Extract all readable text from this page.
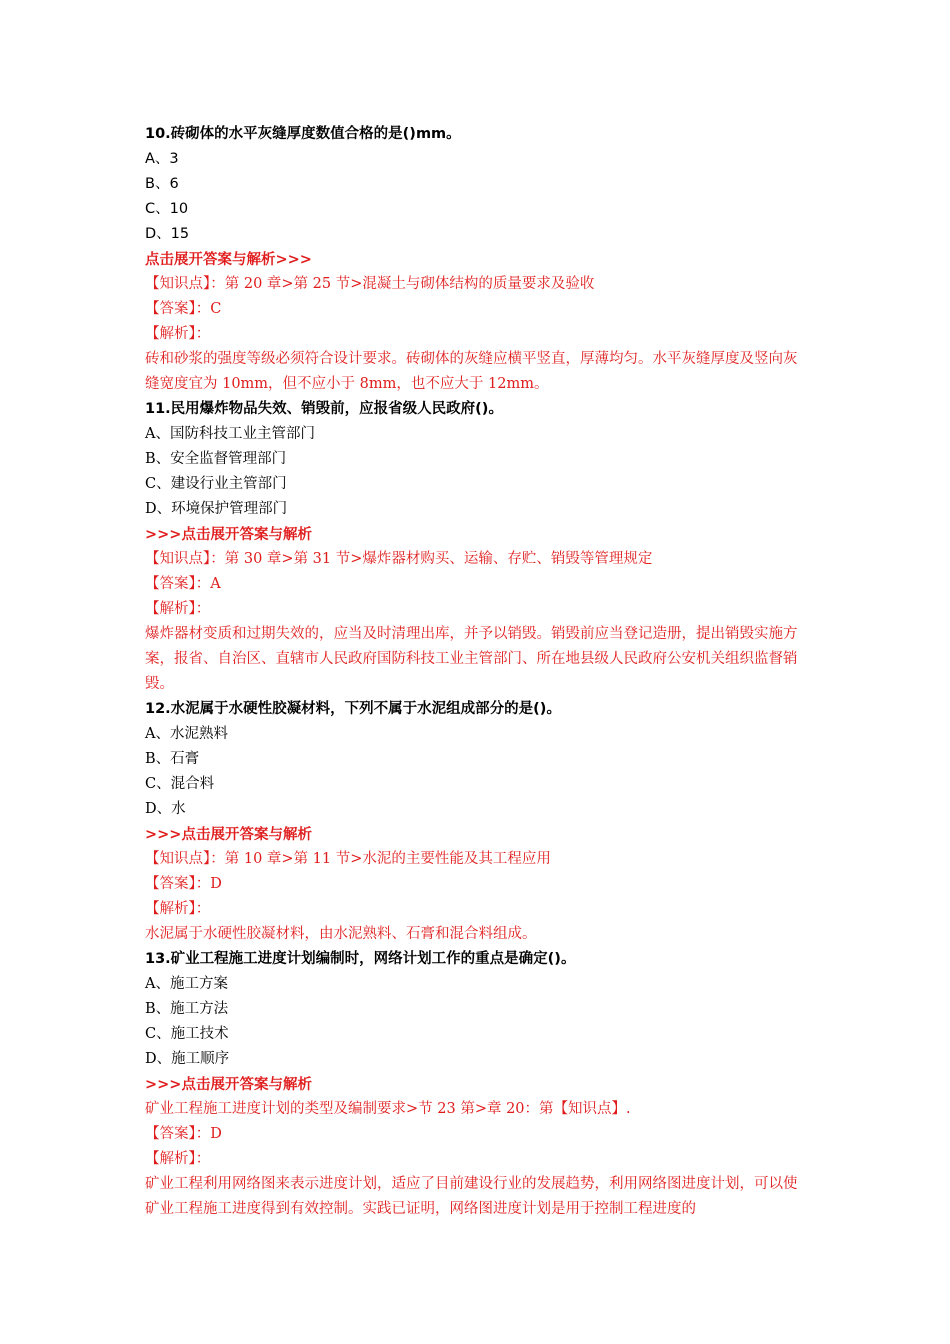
10.砖砌体的水平灰缝厚度数值合格的是()mm。
A、3
B、6
C、10
D、15
点击展开答案与解析>>>
【知识点】：第 20 章>第 25 节>混凝土与砌体结构的质量要求及验收
【答案】：C
【解析】：
砖和砂浆的强度等级必须符合设计要求。砖砌体的灰缝应横平竖直，厚薄均匀。水平灰缝厚度及竖向灰缝宽度宜为 10mm，但不应小于 8mm，也不应大于 12mm。
11.民用爆炸物品失效、销毁前，应报省级人民政府()。
A、国防科技工业主管部门
B、安全监督管理部门
C、建设行业主管部门
D、环境保护管理部门
>>>点击展开答案与解析
【知识点】：第 30 章>第 31 节>爆炸器材购买、运输、存贮、销毁等管理规定
【答案】：A
【解析】：
爆炸器材变质和过期失效的，应当及时清理出库，并予以销毁。销毁前应当登记造册，提出销毁实施方案，报省、自治区、直辖市人民政府国防科技工业主管部门、所在地县级人民政府公安机关组织监督销毁。
12.水泥属于水硬性胶凝材料，下列不属于水泥组成部分的是()。
A、水泥熟料
B、石膏
C、混合料
D、水
>>>点击展开答案与解析
【知识点】：第 10 章>第 11 节>水泥的主要性能及其工程应用
【答案】：D
【解析】：
水泥属于水硬性胶凝材料，由水泥熟料、石膏和混合料组成。
13.矿业工程施工进度计划编制时，网络计划工作的重点是确定()。
A、施工方案
B、施工方法
C、施工技术
D、施工顺序
>>>点击展开答案与解析
矿业工程施工进度计划的类型及编制要求>节 23 第>章 20：第【知识点】.
【答案】：D
【解析】：
矿业工程利用网络图来表示进度计划，适应了目前建设行业的发展趋势，利用网络图进度计划，可以使矿业工程施工进度得到有效控制。实践已证明，网络图进度计划是用于控制工程进度的
